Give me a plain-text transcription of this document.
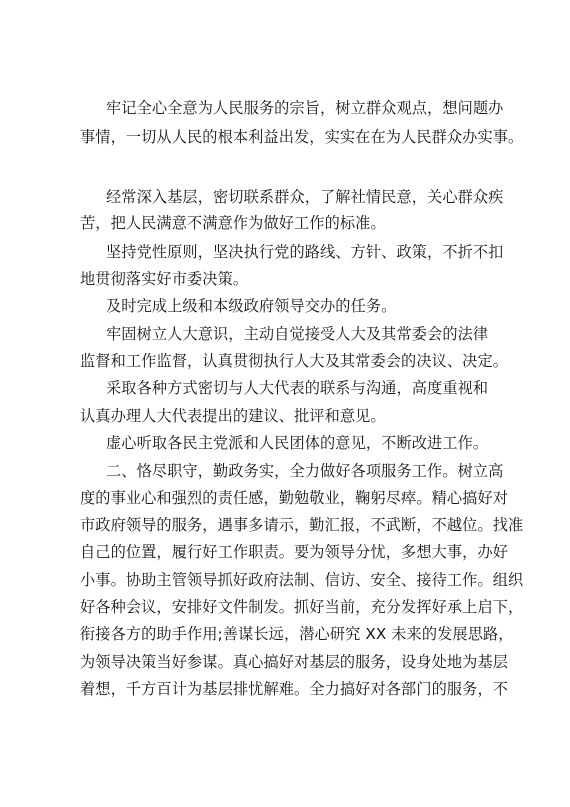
牢记全心全意为人民服务的宗旨，树立群众观点，想问题办
事情，一切从人民的根本利益出发，实实在在为人民群众办实事。
经常深入基层，密切联系群众，了解社情民意，关心群众疾
苦，把人民满意不满意作为做好工作的标准。
坚持党性原则，坚决执行党的路线、方针、政策，不折不扣
地贯彻落实好市委决策。
及时完成上级和本级政府领导交办的任务。
牢固树立人大意识，主动自觉接受人大及其常委会的法律
监督和工作监督，认真贯彻执行人大及其常委会的决议、决定。
采取各种方式密切与人大代表的联系与沟通，高度重视和
认真办理人大代表提出的建议、批评和意见。
虚心听取各民主党派和人民团体的意见，不断改进工作。
二、恪尽职守，勤政务实，全力做好各项服务工作。树立高
度的事业心和强烈的责任感，勤勉敬业，鞠躬尽瘁。精心搞好对
市政府领导的服务，遇事多请示，勤汇报，不武断，不越位。找准
自己的位置，履行好工作职责。要为领导分忧，多想大事，办好
小事。协助主管领导抓好政府法制、信访、安全、接待工作。组织
好各种会议，安排好文件制发。抓好当前，充分发挥好承上启下，
衔接各方的助手作用;善谋长远，潜心研究 XX 未来的发展思路，
为领导决策当好参谋。真心搞好对基层的服务，设身处地为基层
着想，千方百计为基层排忧解难。全力搞好对各部门的服务，不
